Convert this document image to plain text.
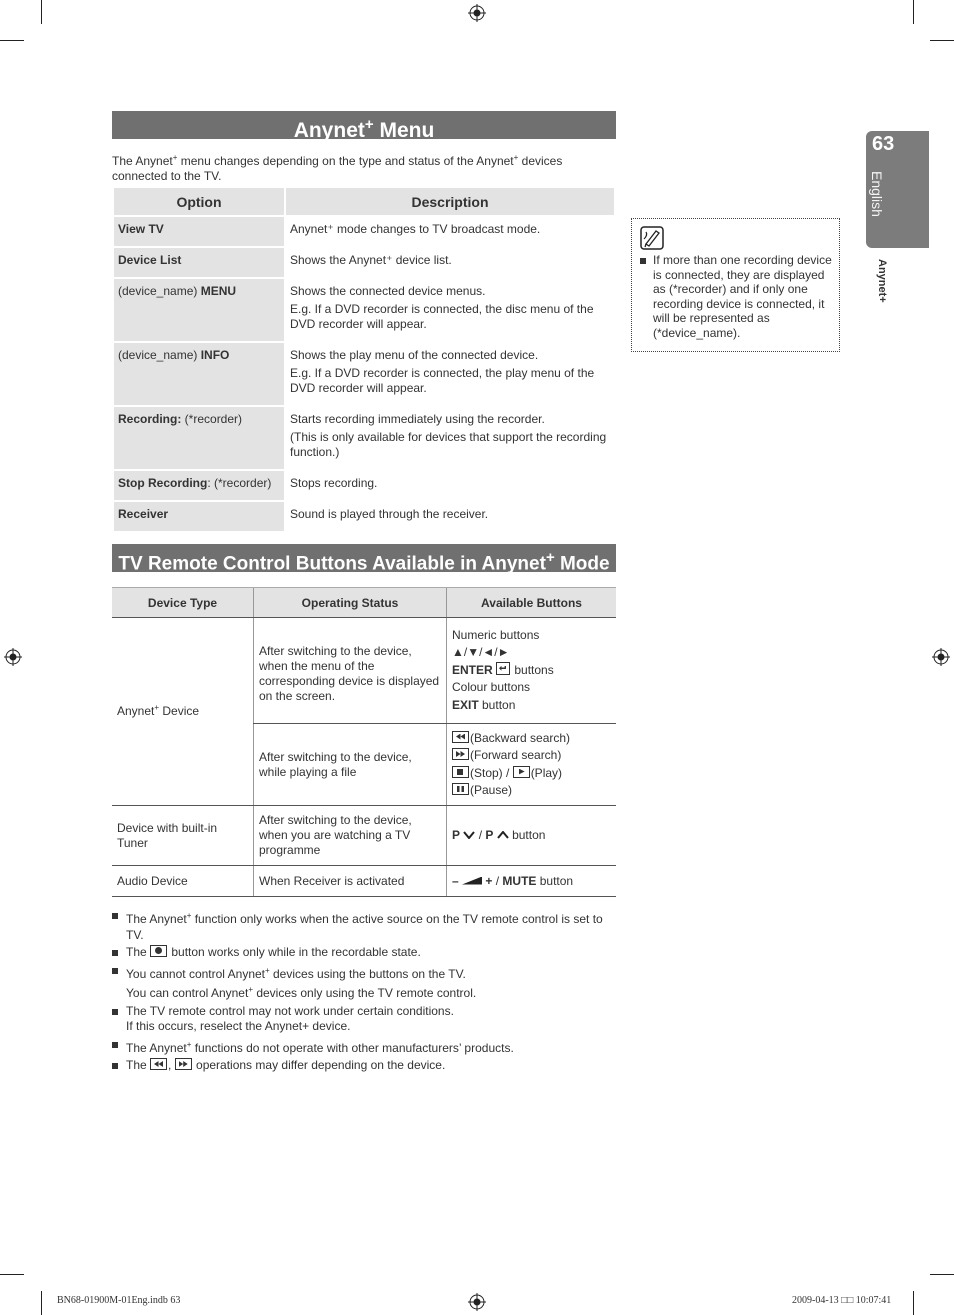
Anynet+ Menu
The Anynet+ menu changes depending on the type and status of the Anynet+ devices connected to the TV.
Option	Description
View TV	Anynet⁺ mode changes to TV broadcast mode.

Device List	Shows the Anynet⁺ device list.

(device_name) MENU	Shows the connected device menus.

E.g. If a DVD recorder is connected, the disc menu of the DVD recorder will appear.

(device_name) INFO	Shows the play menu of the connected device.

E.g. If a DVD recorder is connected, the play menu of the DVD recorder will appear.

Recording: (*recorder)	Starts recording immediately using the recorder.

(This is only available for devices that support the recording function.)

Stop Recording: (*recorder)	Stops recording.

Receiver	Sound is played through the receiver.

TV Remote Control Buttons Available in Anynet+ Mode
Device Type	Operating Status	Available Buttons
Anynet+ Device	After switching to the device, when the menu of the corresponding device is displayed on the screen.	Numeric buttons
▲/▼/◄/►
ENTER  buttons
Colour buttons
EXIT button

	After switching to the device, while playing a file	(Backward search)
(Forward search)
(Stop) / (Play)
(Pause)

Device with built-in Tuner	After switching to the device, when you are watching a TV programme	P  / P  button
Audio Device	When Receiver is activated	– + / MUTE button
The Anynet+ function only works when the active source on the TV remote control is set to TV.
The  button works only while in the recordable state.
You cannot control Anynet+ devices using the buttons on the TV.
You can control Anynet+ devices only using the TV remote control.
The TV remote control may not work under certain conditions.
If this occurs, reselect the Anynet+ device.
The Anynet+ functions do not operate with other manufacturers’ products.
The ,  operations may differ depending on the device.
If more than one recording device is connected, they are displayed as (*recorder) and if only one recording device is connected, it will be represented as (*device_name).
63
English
Anynet+
BN68-01900M-01Eng.indb 63	2009-04-13 □□ 10:07:41
